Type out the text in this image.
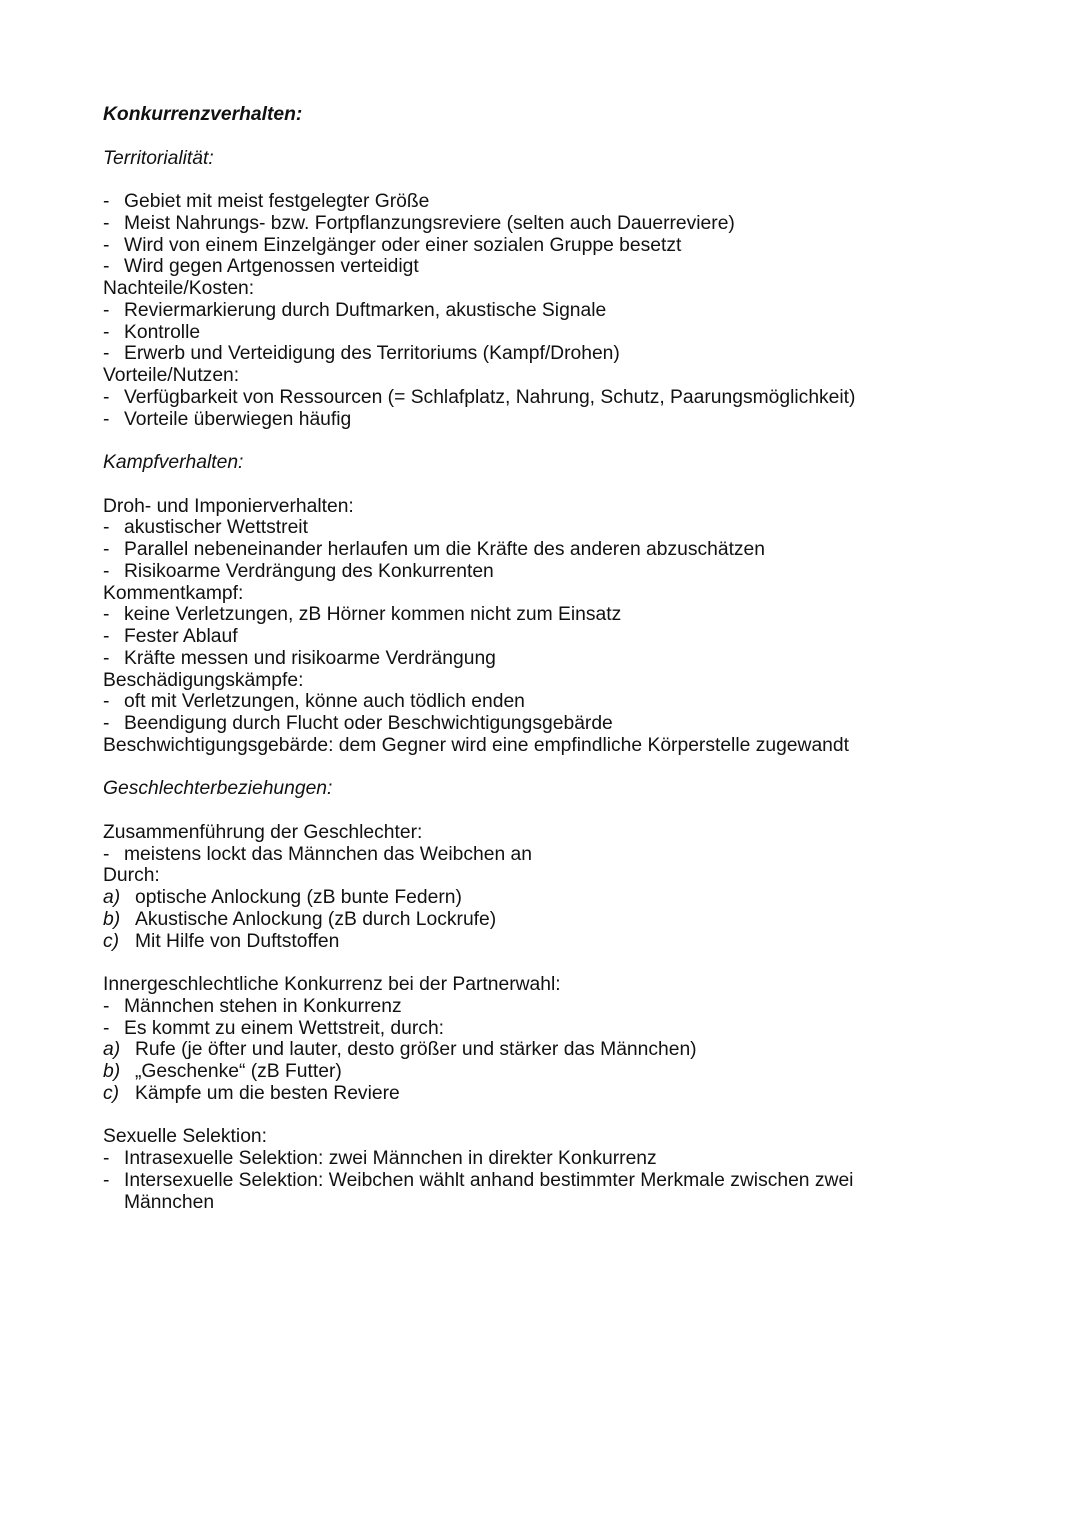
Konkurrenzverhalten:
Territorialität:
- Gebiet mit meist festgelegter Größe
- Meist Nahrungs- bzw. Fortpflanzungsreviere (selten auch Dauerreviere)
- Wird von einem Einzelgänger oder einer sozialen Gruppe besetzt
- Wird gegen Artgenossen verteidigt
Nachteile/Kosten:
- Reviermarkierung durch Duftmarken, akustische Signale
- Kontrolle
- Erwerb und Verteidigung des Territoriums (Kampf/Drohen)
Vorteile/Nutzen:
- Verfügbarkeit von Ressourcen (= Schlafplatz, Nahrung, Schutz, Paarungsmöglichkeit)
- Vorteile überwiegen häufig
Kampfverhalten:
Droh- und Imponierverhalten:
- akustischer Wettstreit
- Parallel nebeneinander herlaufen um die Kräfte des anderen abzuschätzen
- Risikoarme Verdrängung des Konkurrenten
Kommentkampf:
- keine Verletzungen, zB Hörner kommen nicht zum Einsatz
- Fester Ablauf
- Kräfte messen und risikoarme Verdrängung
Beschädigungskämpfe:
- oft mit Verletzungen, könne auch tödlich enden
- Beendigung durch Flucht oder Beschwichtigungsgebärde
Beschwichtigungsgebärde: dem Gegner wird eine empfindliche Körperstelle zugewandt
Geschlechterbeziehungen:
Zusammenführung der Geschlechter:
- meistens lockt das Männchen das Weibchen an
Durch:
a) optische Anlockung (zB bunte Federn)
b) Akustische Anlockung (zB durch Lockrufe)
c) Mit Hilfe von Duftstoffen
Innergeschlechtliche Konkurrenz bei der Partnerwahl:
- Männchen stehen in Konkurrenz
- Es kommt zu einem Wettstreit, durch:
a) Rufe (je öfter und lauter, desto größer und stärker das Männchen)
b) „Geschenke“ (zB Futter)
c) Kämpfe um die besten Reviere
Sexuelle Selektion:
- Intrasexuelle Selektion: zwei Männchen in direkter Konkurrenz
- Intersexuelle Selektion: Weibchen wählt anhand bestimmter Merkmale zwischen zwei
Männchen
